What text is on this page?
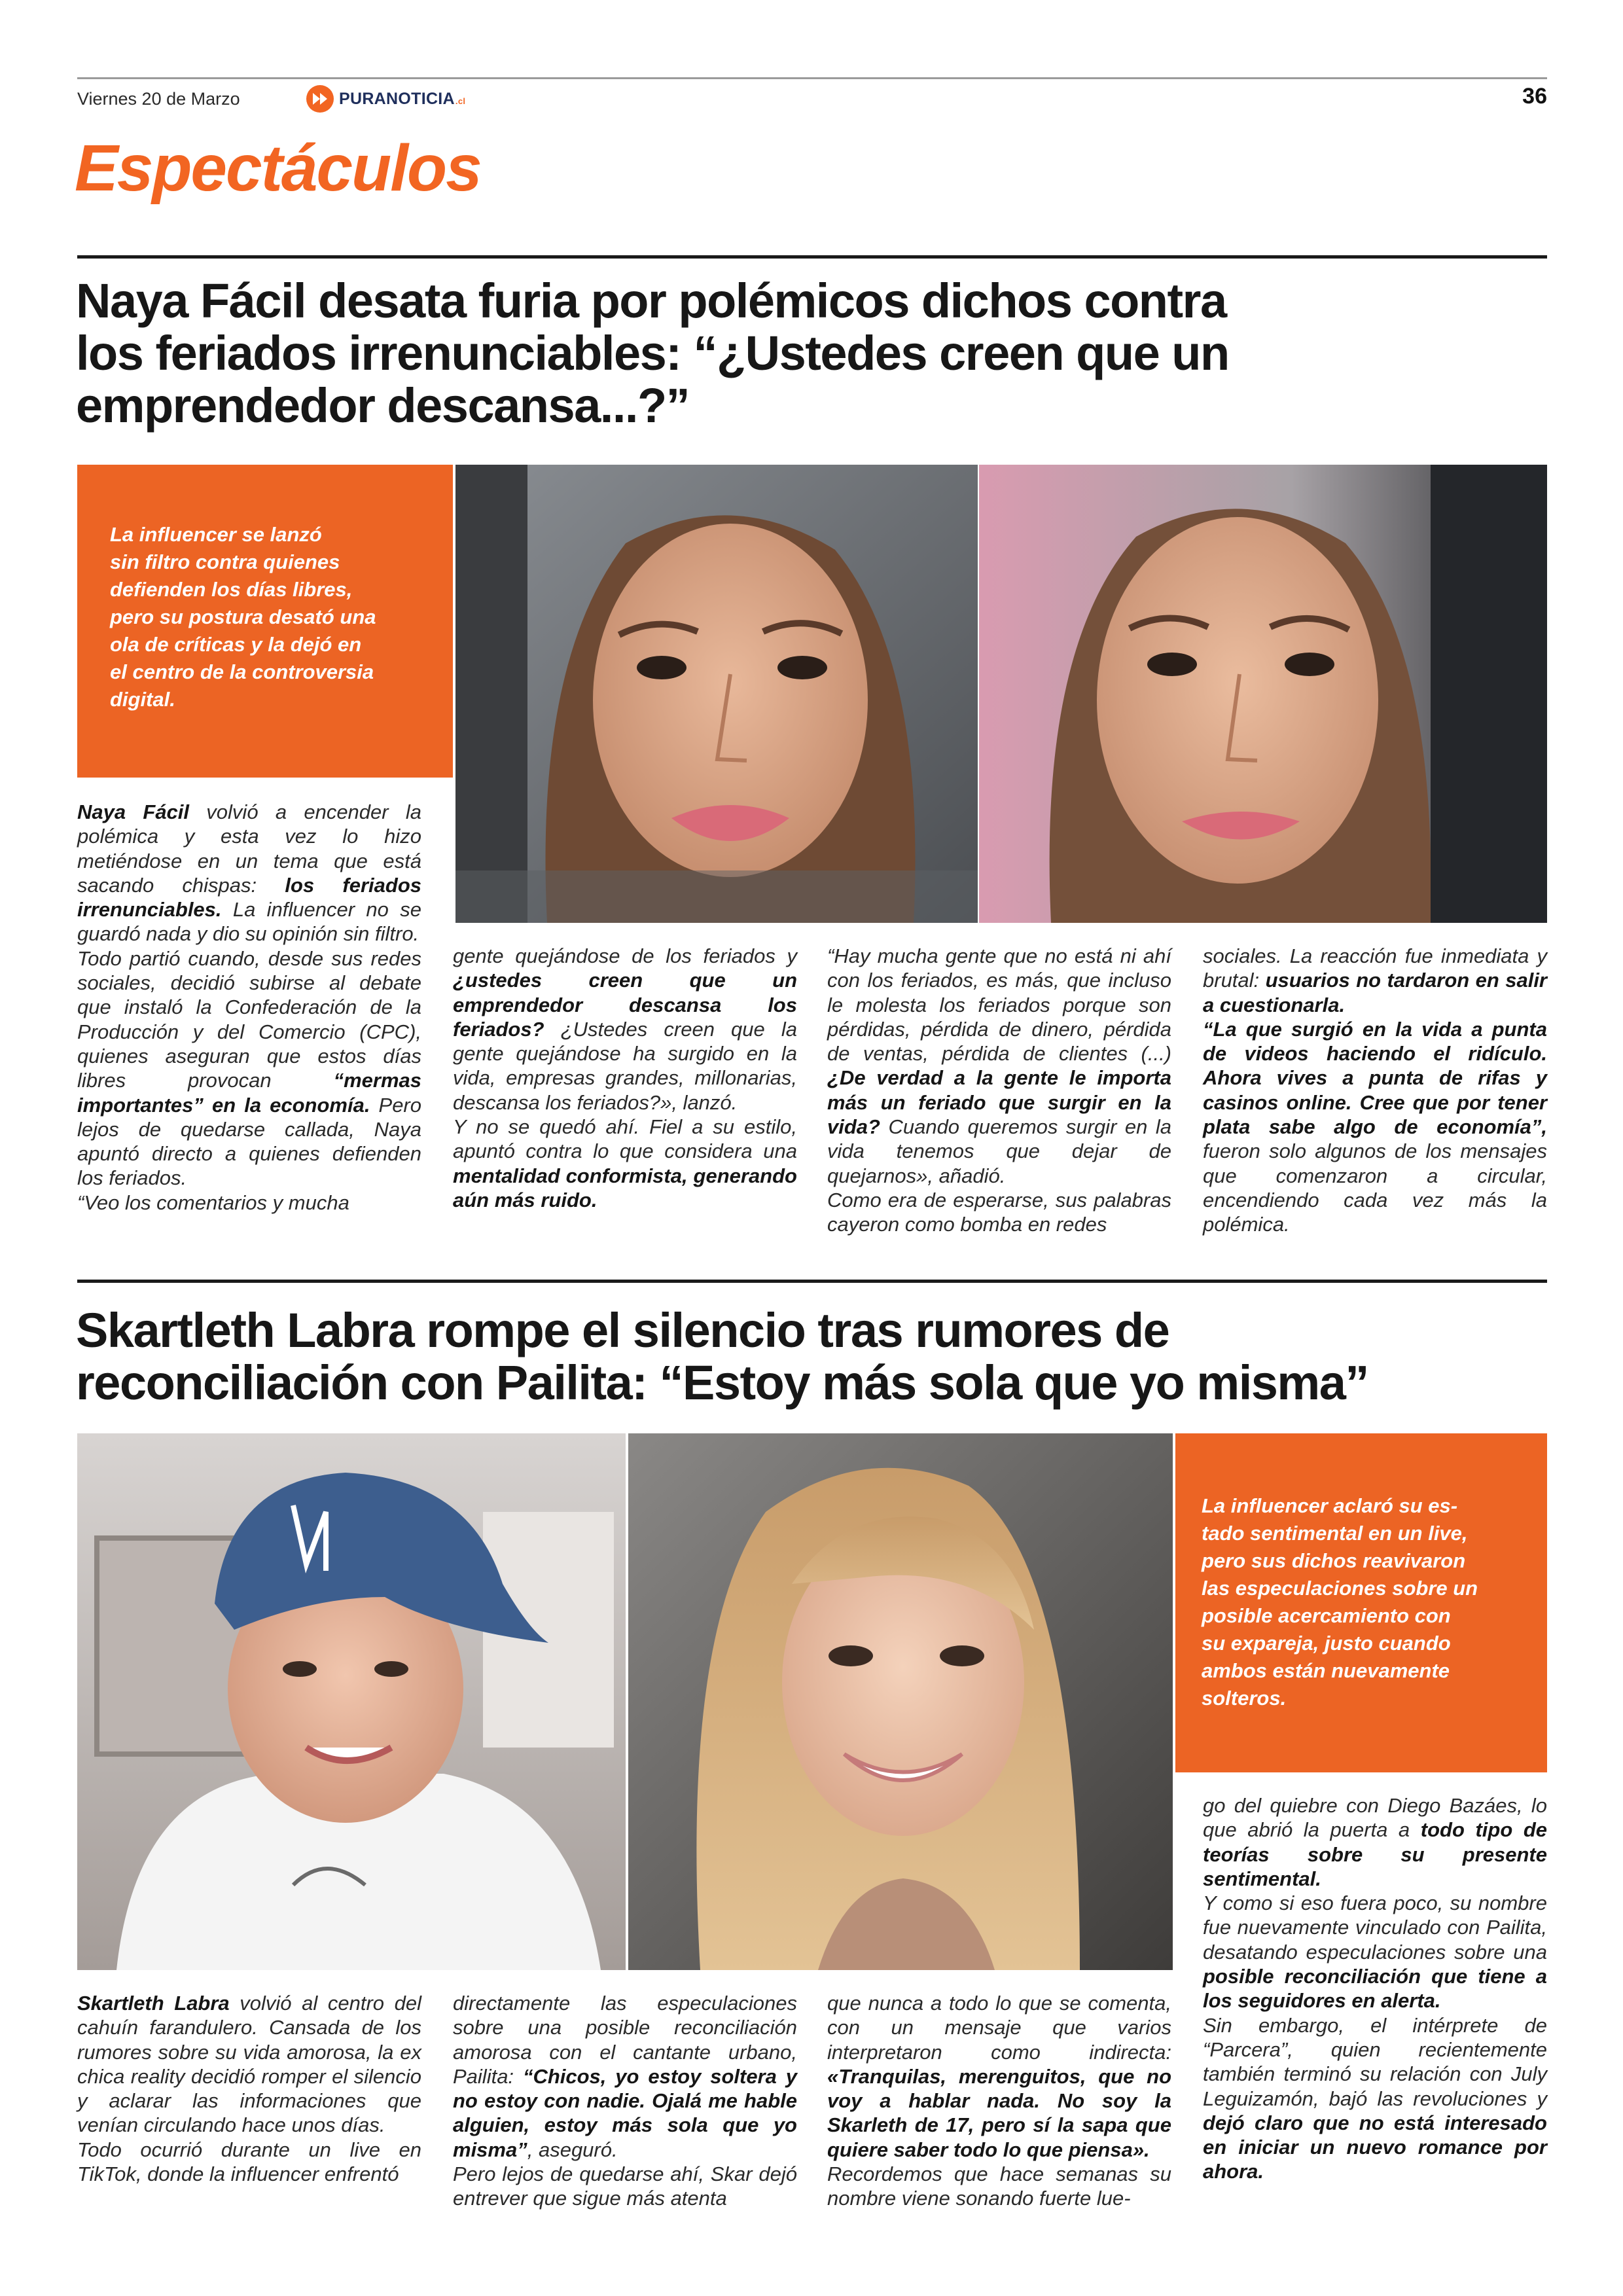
Viernes 20 de Marzo	PURANOTICIA.cl	36
Espectáculos
Naya Fácil desata furia por polémicos dichos contra
los feriados irrenunciables: “¿Ustedes creen que un
emprendedor descansa...?”
La influencer se lanzó
sin filtro contra quienes
defienden los días libres,
pero su postura desató una
ola de críticas y la dejó en
el centro de la controversia
digital.

Naya Fácil volvió a encender la polémica y esta vez lo hizo metiéndose en un tema que está sacando chispas: los feriados irrenunciables. La influencer no se guardó nada y dio su opinión sin filtro.

Todo partió cuando, desde sus redes sociales, decidió subirse al debate que instaló la Confederación de la Producción y del Comercio (CPC), quienes aseguran que estos días libres provocan “mermas importantes” en la economía. Pero lejos de quedarse callada, Naya apuntó directo a quienes defienden los feriados.

“Veo los comentarios y mucha

gente quejándose de los feriados y ¿ustedes creen que un emprendedor descansa los feriados? ¿Ustedes creen que la gente quejándose ha surgido en la vida, empresas grandes, millonarias, descansa los feriados?», lanzó.

Y no se quedó ahí. Fiel a su estilo, apuntó contra lo que considera una mentalidad conformista, generando aún más ruido.

“Hay mucha gente que no está ni ahí con los feriados, es más, que incluso le molesta los feriados porque son pérdidas, pérdida de dinero, pérdida de ventas, pérdida de clientes (...) ¿De verdad a la gente le importa más un feriado que surgir en la vida? Cuando queremos surgir en la vida tenemos que dejar de quejarnos», añadió.

Como era de esperarse, sus palabras cayeron como bomba en redes

sociales. La reacción fue inmediata y brutal: usuarios no tardaron en salir a cuestionarla.

“La que surgió en la vida a punta de videos haciendo el ridículo. Ahora vives a punta de rifas y casinos online. Cree que por tener plata sabe algo de economía”, fueron solo algunos de los mensajes que comenzaron a circular, encendiendo cada vez más la polémica.

Skartleth Labra rompe el silencio tras rumores de
reconciliación con Pailita: “Estoy más sola que yo misma”
La influencer aclaró su es-
tado sentimental en un live,
pero sus dichos reavivaron
las especulaciones sobre un
posible acercamiento con
su expareja, justo cuando
ambos están nuevamente
solteros.

Skartleth Labra volvió al centro del cahuín farandulero. Cansada de los rumores sobre su vida amorosa, la ex chica reality decidió romper el silencio y aclarar las informaciones que venían circulando hace unos días.

Todo ocurrió durante un live en TikTok, donde la influencer enfrentó

directamente las especulaciones sobre una posible reconciliación amorosa con el cantante urbano, Pailita: “Chicos, yo estoy soltera y no estoy con nadie. Ojalá me hable alguien, estoy más sola que yo misma”, aseguró.

Pero lejos de quedarse ahí, Skar dejó entrever que sigue más atenta

que nunca a todo lo que se comenta, con un mensaje que varios interpretaron como indirecta: «Tranquilas, merenguitos, que no voy a hablar nada. No soy la Skarleth de 17, pero sí la sapa que quiere saber todo lo que piensa».

Recordemos que hace semanas su nombre viene sonando fuerte lue-

go del quiebre con Diego Bazáes, lo que abrió la puerta a todo tipo de teorías sobre su presente sentimental.

Y como si eso fuera poco, su nombre fue nuevamente vinculado con Pailita, desatando especulaciones sobre una posible reconciliación que tiene a los seguidores en alerta.

Sin embargo, el intérprete de “Parcera”, quien recientemente también terminó su relación con July Leguizamón, bajó las revoluciones y dejó claro que no está interesado en iniciar un nuevo romance por ahora.
